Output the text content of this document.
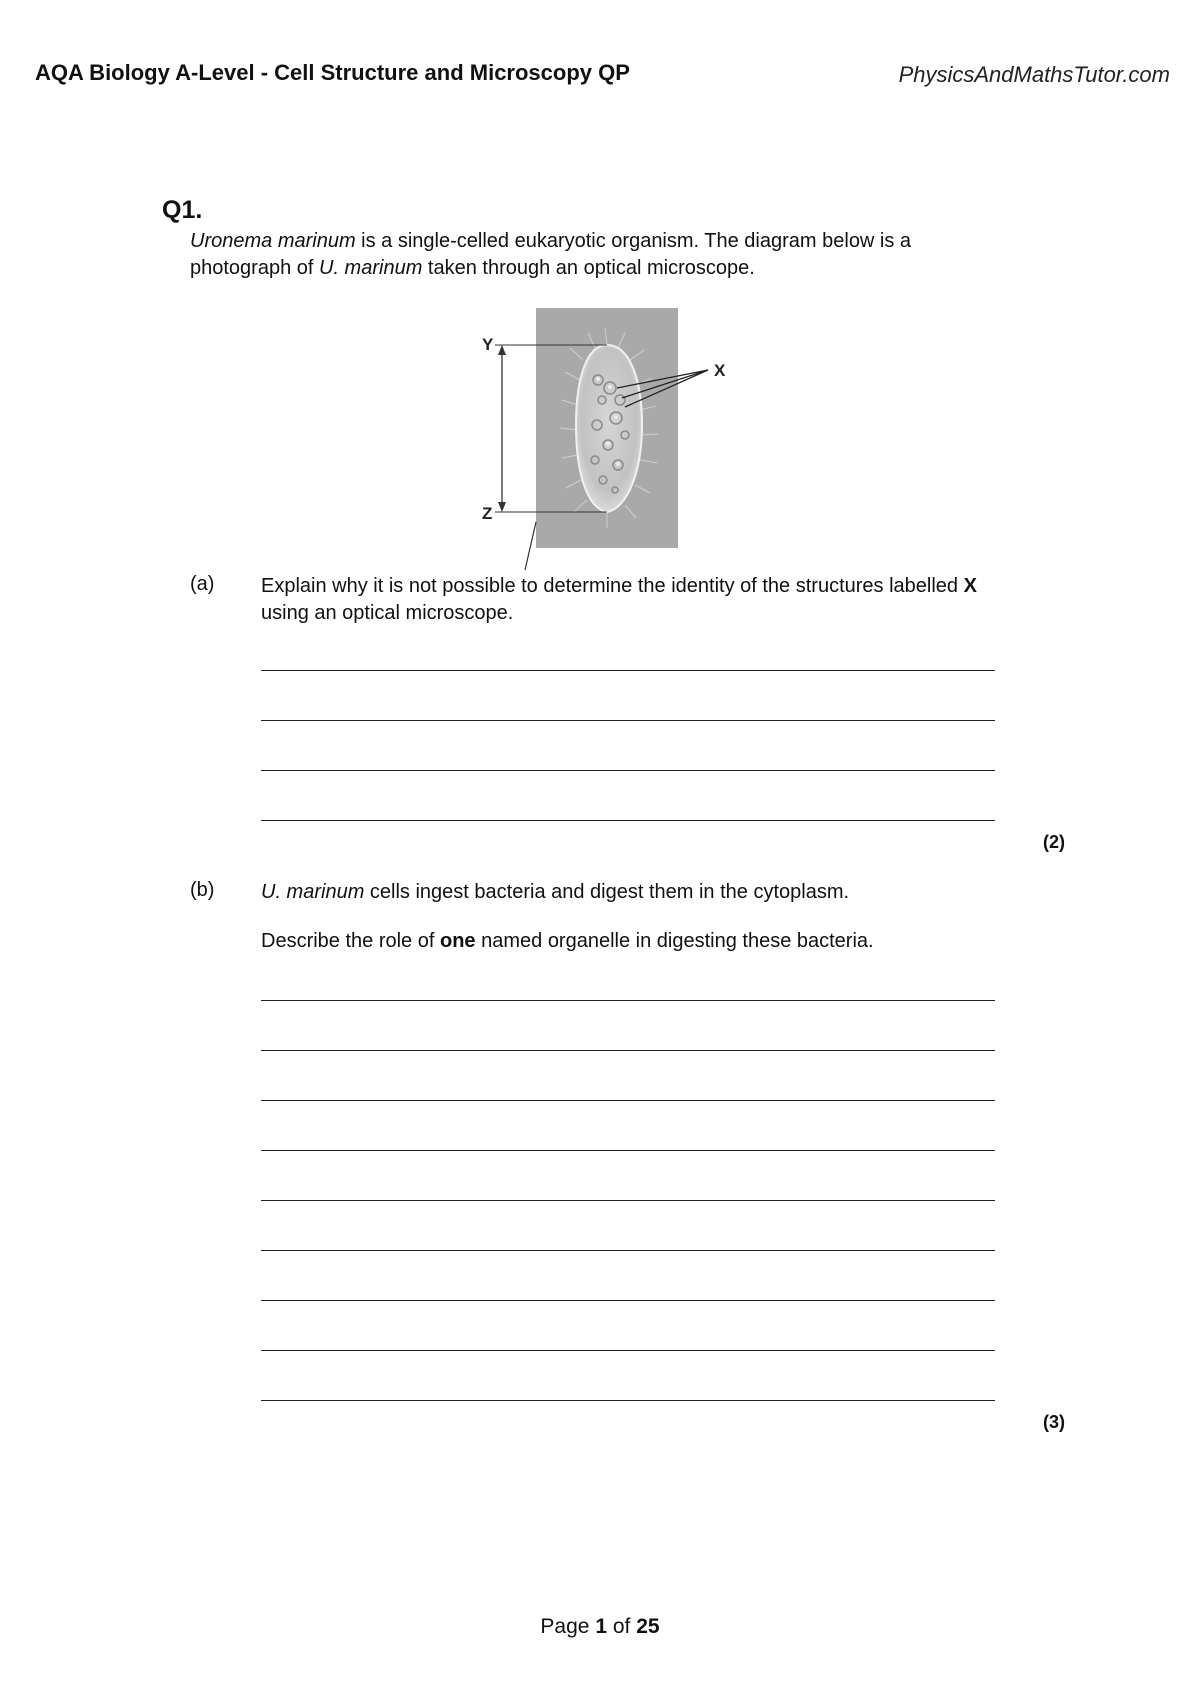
AQA Biology A-Level - Cell Structure and Microscopy QP	PhysicsAndMathsTutor.com
Q1.
Uronema marinum is a single-celled eukaryotic organism. The diagram below is a photograph of U. marinum taken through an optical microscope.
Y
Z
X
(a) Explain why it is not possible to determine the identity of the structures labelled X using an optical microscope.
(2)
(b) U. marinum cells ingest bacteria and digest them in the cytoplasm.
Describe the role of one named organelle in digesting these bacteria.
(3)
Page 1 of 25
